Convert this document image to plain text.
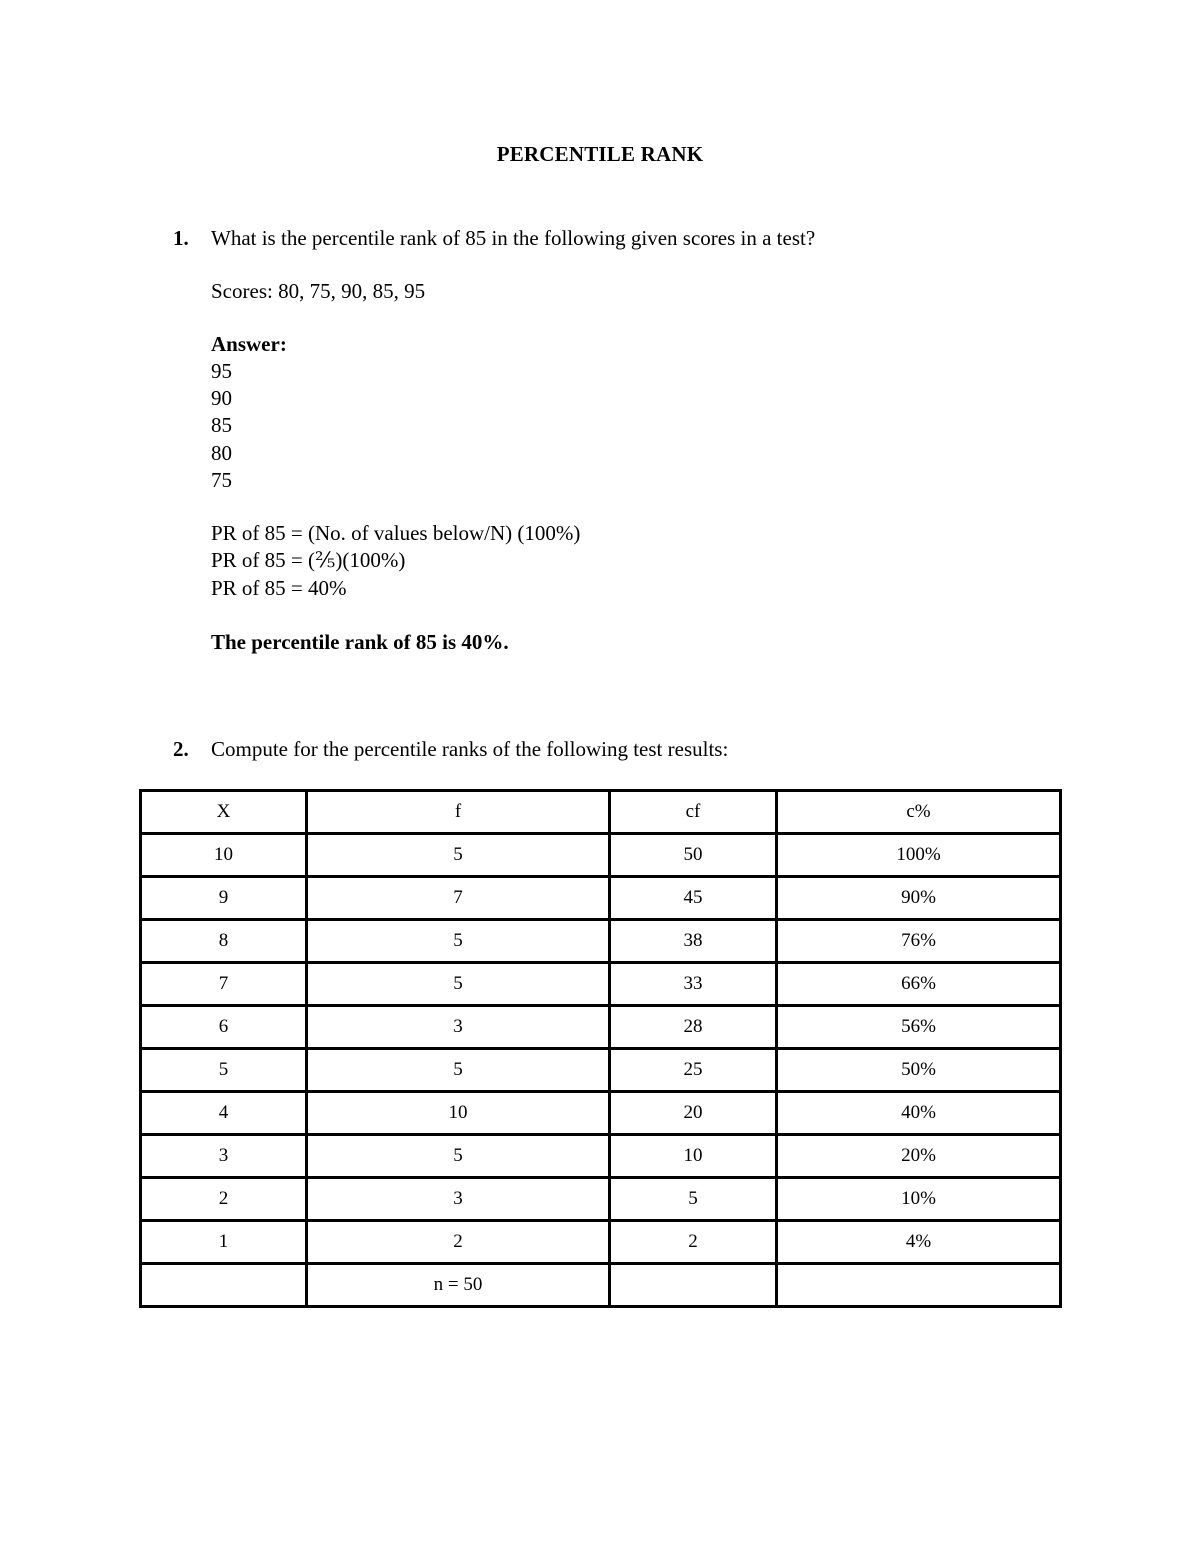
PERCENTILE RANK
1. What is the percentile rank of 85 in the following given scores in a test?
Scores: 80, 75, 90, 85, 95
Answer:
95
90
85
80
75
PR of 85 = (No. of values below/N) (100%)
PR of 85 = (⅖)(100%)
PR of 85 = 40%
The percentile rank of 85 is 40%.
2. Compute for the percentile ranks of the following test results:
X	f	cf	c%
10	5	50	100%
9	7	45	90%
8	5	38	76%
7	5	33	66%
6	3	28	56%
5	5	25	50%
4	10	20	40%
3	5	10	20%
2	3	5	10%
1	2	2	4%
	n = 50		
